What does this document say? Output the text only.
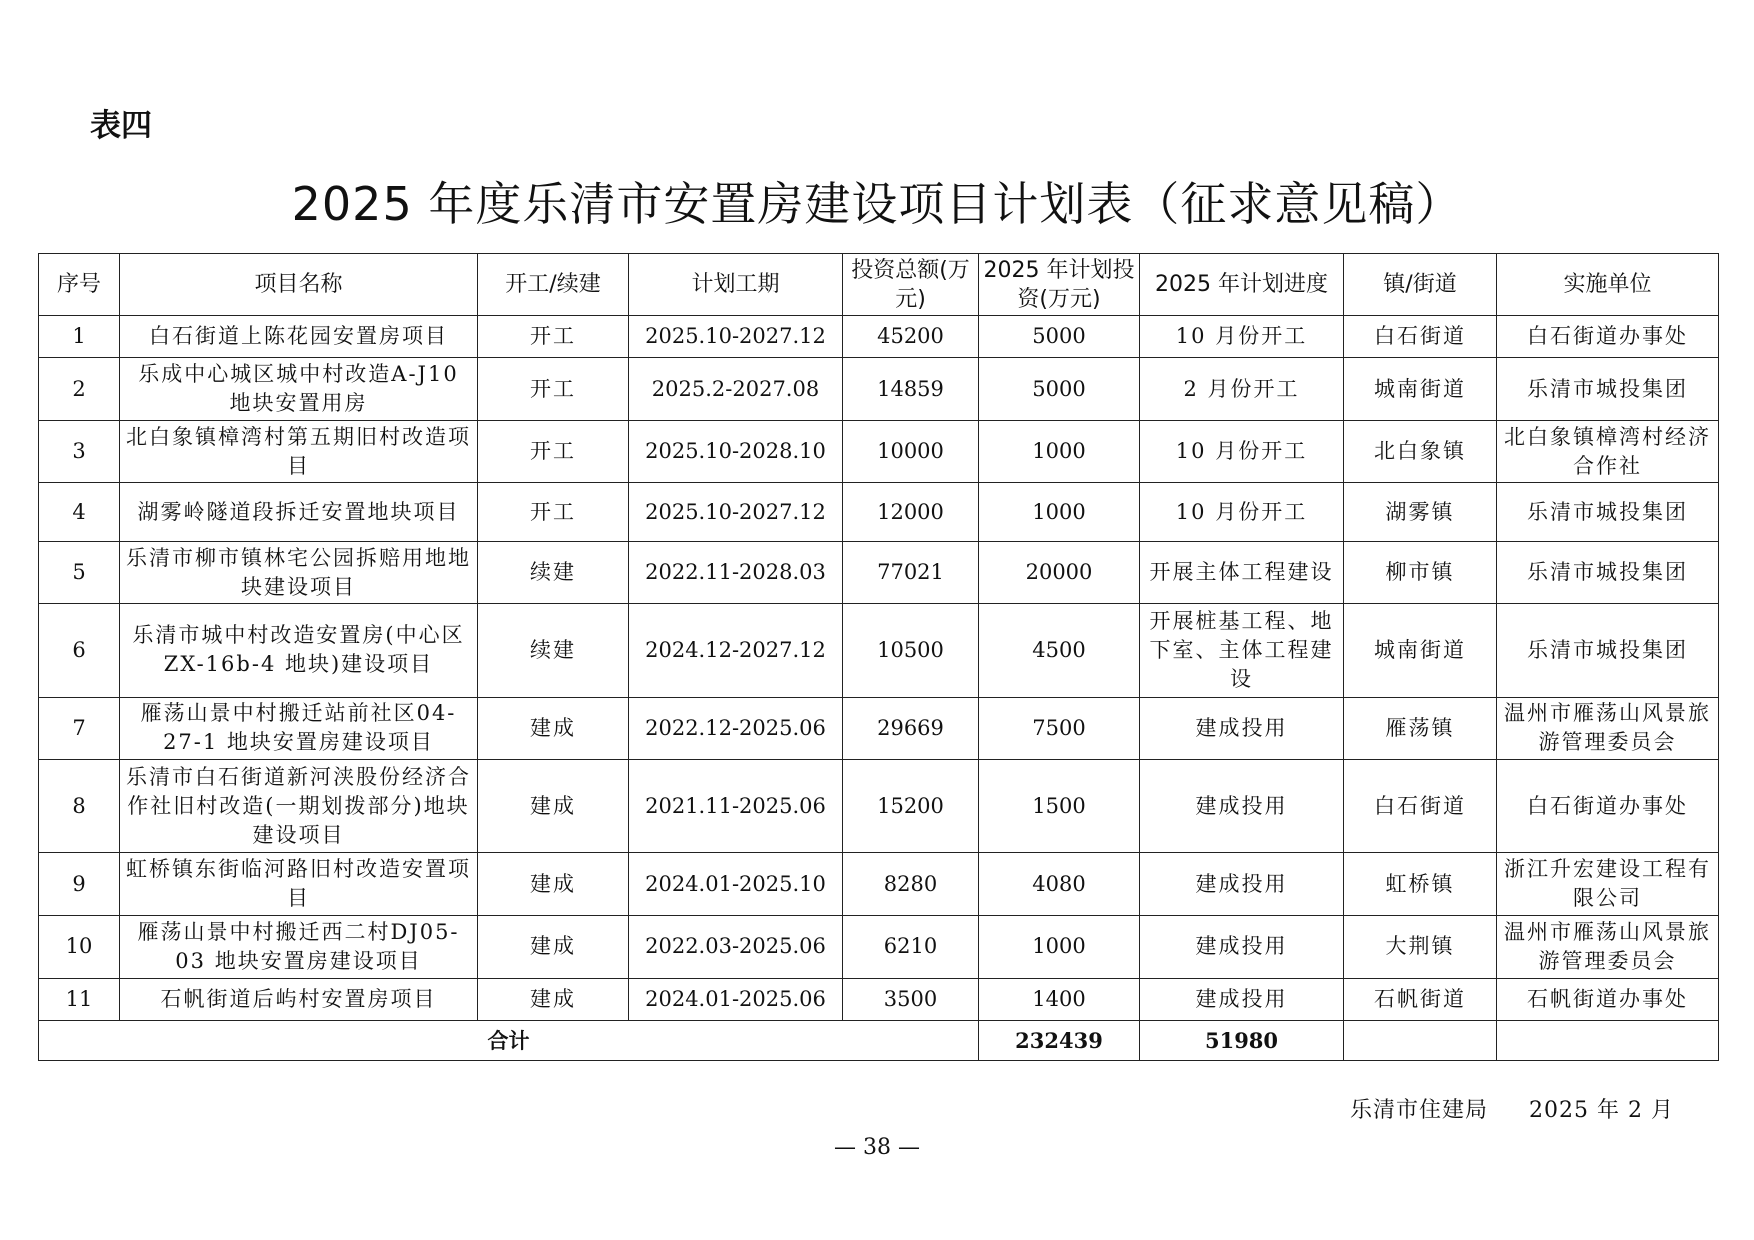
表四
2025 年度乐清市安置房建设项目计划表（征求意见稿）
序号	项目名称	开工/续建	计划工期	投资总额(万元)	2025 年计划投资(万元)	2025 年计划进度	镇/街道	实施单位	
1	白石街道上陈花园安置房项目	开工	2025.10-2027.12	45200	5000	10 月份开工	白石街道	白石街道办事处	
2	乐成中心城区城中村改造A-J10 地块安置用房	开工	2025.2-2027.08	14859	5000	2 月份开工	城南街道	乐清市城投集团	
3	北白象镇樟湾村第五期旧村改造项目	开工	2025.10-2028.10	10000	1000	10 月份开工	北白象镇	北白象镇樟湾村经济合作社	
4	湖雾岭隧道段拆迁安置地块项目	开工	2025.10-2027.12	12000	1000	10 月份开工	湖雾镇	乐清市城投集团	
5	乐清市柳市镇林宅公园拆赔用地地块建设项目	续建	2022.11-2028.03	77021	20000	开展主体工程建设	柳市镇	乐清市城投集团	
6	乐清市城中村改造安置房(中心区 ZX-16b-4 地块)建设项目	续建	2024.12-2027.12	10500	4500	开展桩基工程、地下室、主体工程建设	城南街道	乐清市城投集团	
7	雁荡山景中村搬迁站前社区04-27-1 地块安置房建设项目	建成	2022.12-2025.06	29669	7500	建成投用	雁荡镇	温州市雁荡山风景旅游管理委员会	
8	乐清市白石街道新河浃股份经济合作社旧村改造(一期划拨部分)地块建设项目	建成	2021.11-2025.06	15200	1500	建成投用	白石街道	白石街道办事处	
9	虹桥镇东街临河路旧村改造安置项目	建成	2024.01-2025.10	8280	4080	建成投用	虹桥镇	浙江升宏建设工程有限公司	
10	雁荡山景中村搬迁西二村DJ05-03 地块安置房建设项目	建成	2022.03-2025.06	6210	1000	建成投用	大荆镇	温州市雁荡山风景旅游管理委员会	
11	石帆街道后屿村安置房项目	建成	2024.01-2025.06	3500	1400	建成投用	石帆街道	石帆街道办事处	
合计					232439	51980			
乐清市住建局 2025 年 2 月
— 38 —
